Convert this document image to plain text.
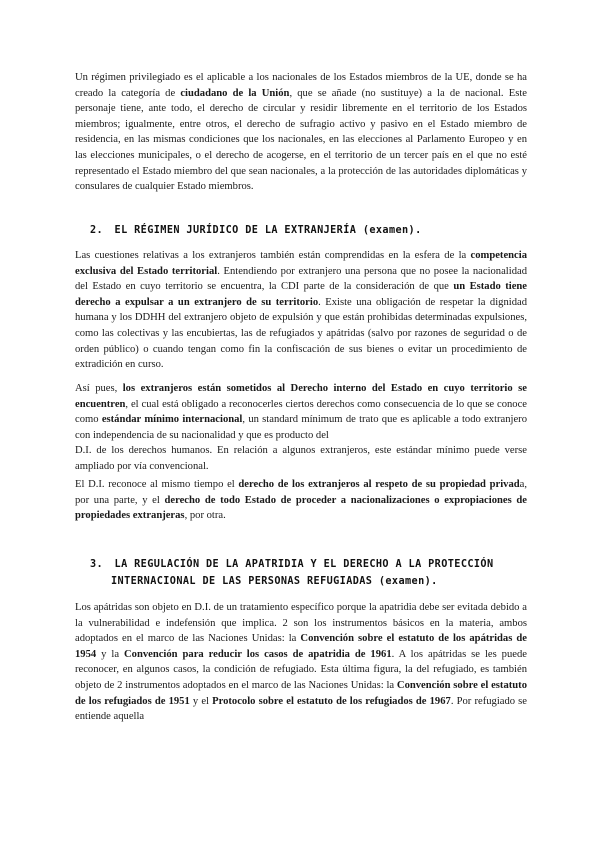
Un régimen privilegiado es el aplicable a los nacionales de los Estados miembros de la UE, donde se ha creado la categoría de ciudadano de la Unión, que se añade (no sustituye) a la de nacional. Este personaje tiene, ante todo, el derecho de circular y residir libremente en el territorio de los Estados miembros; igualmente, entre otros, el derecho de sufragio activo y pasivo en el Estado miembro de residencia, en las mismas condiciones que los nacionales, en las elecciones al Parlamento Europeo y en las elecciones municipales, o el derecho de acogerse, en el territorio de un tercer país en el que no esté representado el Estado miembro del que sean nacionales, a la protección de las autoridades diplomáticas y consulares de cualquier Estado miembros.

2. EL RÉGIMEN JURÍDICO DE LA EXTRANJERÍA (examen).

Las cuestiones relativas a los extranjeros también están comprendidas en la esfera de la competencia exclusiva del Estado territorial. Entendiendo por extranjero una persona que no posee la nacionalidad del Estado en cuyo territorio se encuentra, la CDI parte de la consideración de que un Estado tiene derecho a expulsar a un extranjero de su territorio. Existe una obligación de respetar la dignidad humana y los DDHH del extranjero objeto de expulsión y que están prohibidas determinadas expulsiones, como las colectivas y las encubiertas, las de refugiados y apátridas (salvo por razones de seguridad o de orden público) o cuando tengan como fin la confiscación de sus bienes o evitar un procedimiento de extradición en curso.

Así pues, los extranjeros están sometidos al Derecho interno del Estado en cuyo territorio se encuentren, el cual está obligado a reconocerles ciertos derechos como consecuencia de lo que se conoce como estándar mínimo internacional, un standard mínimum de trato que es aplicable a todo extranjero con independencia de su nacionalidad y que es producto del
D.I. de los derechos humanos. En relación a algunos extranjeros, este estándar mínimo puede verse ampliado por vía convencional.

El D.I. reconoce al mismo tiempo el derecho de los extranjeros al respeto de su propiedad privada, por una parte, y el derecho de todo Estado de proceder a nacionalizaciones o expropiaciones de propiedades extranjeras, por otra.

3. LA REGULACIÓN DE LA APATRIDIA Y EL DERECHO A LA PROTECCIÓN
INTERNACIONAL DE LAS PERSONAS REFUGIADAS (examen).

Los apátridas son objeto en D.I. de un tratamiento específico porque la apatridia debe ser evitada debido a la vulnerabilidad e indefensión que implica. 2 son los instrumentos básicos en la materia, ambos adoptados en el marco de las Naciones Unidas: la Convención sobre el estatuto de los apátridas de 1954 y la Convención para reducir los casos de apatridia de 1961. A los apátridas se les puede reconocer, en algunos casos, la condición de refugiado. Esta última figura, la del refugiado, es también objeto de 2 instrumentos adoptados en el marco de las Naciones Unidas: la Convención sobre el estatuto de los refugiados de 1951 y el Protocolo sobre el estatuto de los refugiados de 1967. Por refugiado se entiende aquella
